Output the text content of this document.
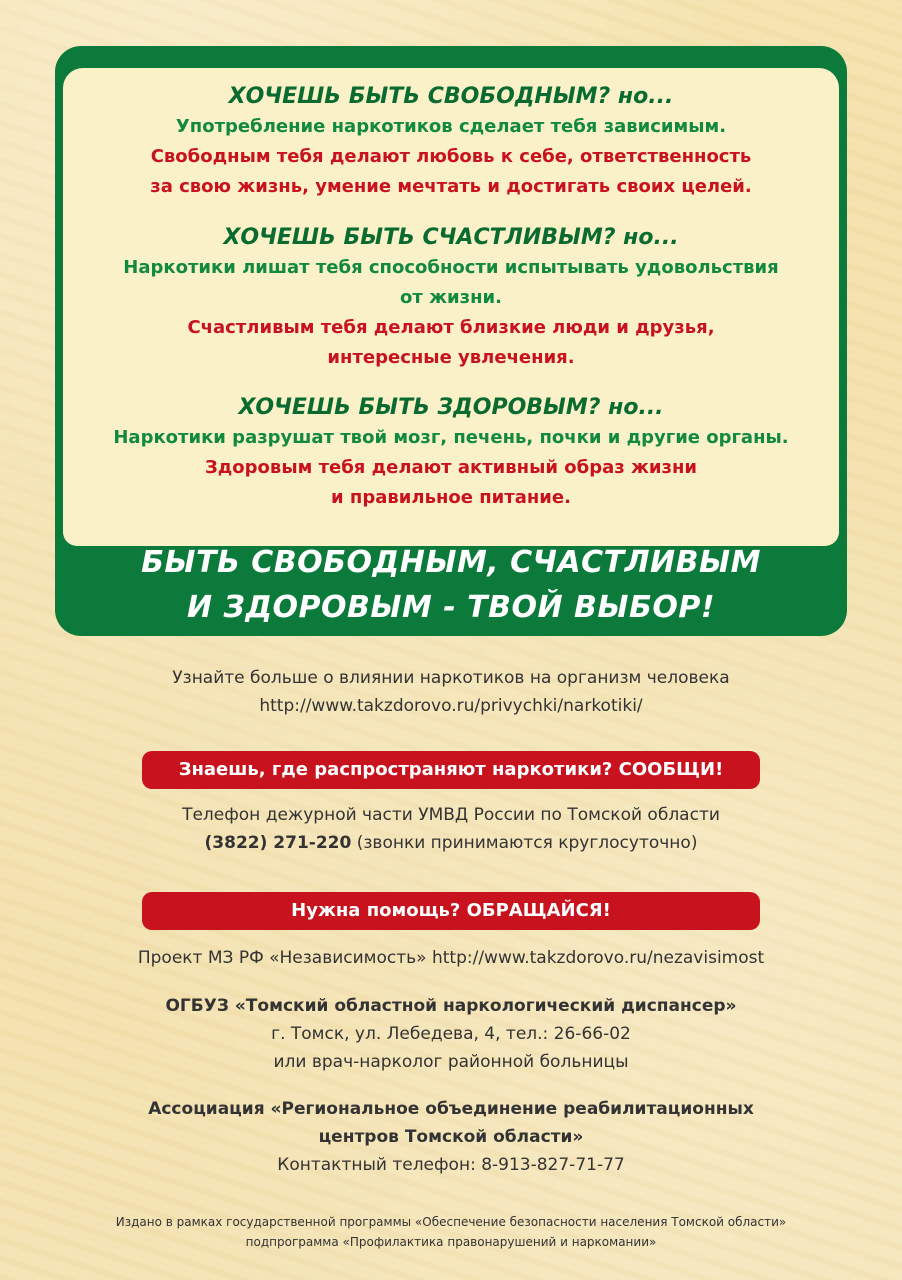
ХОЧЕШЬ БЫТЬ СВОБОДНЫМ? но...
Употребление наркотиков сделает тебя зависимым.
Свободным тебя делают любовь к себе, ответственность
за свою жизнь, умение мечтать и достигать своих целей.
ХОЧЕШЬ БЫТЬ СЧАСТЛИВЫМ? но...
Наркотики лишат тебя способности испытывать удовольствия
от жизни.
Счастливым тебя делают близкие люди и друзья,
интересные увлечения.
ХОЧЕШЬ БЫТЬ ЗДОРОВЫМ? но...
Наркотики разрушат твой мозг, печень, почки и другие органы.
Здоровым тебя делают активный образ жизни
и правильное питание.
БЫТЬ СВОБОДНЫМ, СЧАСТЛИВЫМ
И ЗДОРОВЫМ - ТВОЙ ВЫБОР!
Узнайте больше о влиянии наркотиков на организм человека
http://www.takzdorovo.ru/privychki/narkotiki/
Знаешь, где распространяют наркотики? СООБЩИ!
Телефон дежурной части УМВД России по Томской области
(3822) 271-220 (звонки принимаются круглосуточно)
Нужна помощь? ОБРАЩАЙСЯ!
Проект МЗ РФ «Независимость» http://www.takzdorovo.ru/nezavisimost
ОГБУЗ «Томский областной наркологический диспансер»
г. Томск, ул. Лебедева, 4, тел.: 26-66-02
или врач-нарколог районной больницы
Ассоциация «Региональное объединение реабилитационных
центров Томской области»
Контактный телефон: 8-913-827-71-77
Издано в рамках государственной программы «Обеспечение безопасности населения Томской области»
подпрограмма «Профилактика правонарушений и наркомании»
